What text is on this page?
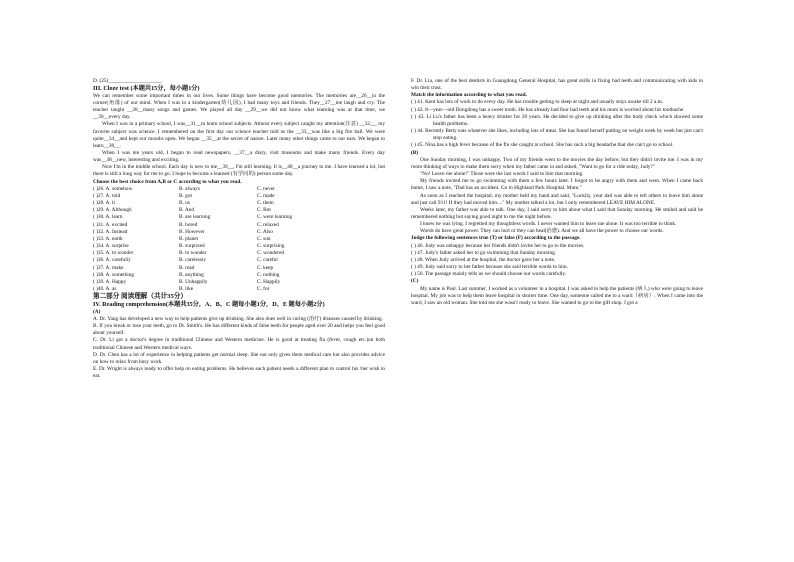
D. (25)____________________.

III. Cloze test (本题共15分，每小题1分)

We can remember some important times in our lives. Some things have become good memories. The memories are__26__in the corner(角落) of our mind. When I was in a kindergarten(幼儿园), I had many toys and friends. They__27__me laugh and cry. The teacher taught __28__many songs and games. We played all day __29__we did not know what learning was at that time, we __30__every day.

When I was in a primary school, I was__31__to learn school subjects. Almost every subject caught my attention(注意) __32__, my favorite subject was science. I remembered on the first day our science teacher told us the __33__was like a big fire ball. We were quite__34__and kept our mouths open. We began __35__at the secret of nature. Later many other things came to our ears. We began to learn__36__.

When I was ten years old, I began to read newspapers, __37__a diary, visit museums and make many friends. Every day was__38__new, interesting and exciting.

Now I'm in the middle school. Each day is new to me__39__, I'm still learning. It is__40__a journey to me. I have learned a lot, but there is still a long way for me to go. I hope to become a learned (有学问的) person some day.

Choose the best choice from A,B or C according to what you read.

( )26. A. somehow	B. always	C. never
( )27. A. told	B. got	C. made
( )28. A. it	B. us	C. them
( )29. A. Although	B. And	C. But
( )30. A. learn	B. are learning	C. were learning
( )31. A. excited	B. bored	C. relaxed
( )32. A. Instead	B. However	C. Also
( )33. A. earth	B. planet	C. sun
( )34. A. surprise	B. surprised	C. surprising
( )35. A. to wonder	B. to wonder	C. wondered
( )36. A. carefully	B. carelessly	C. careful
( )37. A. make	B. read	C. keep
( )38. A. something	B. anything	C. nothing
( )39. A. Happy	B. Unhappily	C. Happily
( )40. A. as	B. like	C. for

第二部分 阅读理解（共计35分）

IV. Reading comprehension(本题共35分，A、B、C 题每小题1分，D、E 题每小题2分)

(A)

A. Dr. Yang has developed a new way to help patients give up drinking. She also does well in curing (治疗) diseases caused by drinking.

B. If you break or lose your teeth, go to Dr. Smith's. He has different kinds of false teeth for people aged over 20 and helps you feel good about yourself.

C. Dr. Li got a doctor's degree in traditional Chinese and Western medicine. He is good at treating flu (fever, cough etc.)on both traditional Chinese and Western medical ways.

D. Dr. Chen has a lot of experience in helping patients get normal sleep. She not only gives them medical care but also provides advice on how to relax from busy work.

E. Dr. Wright is always ready to offer help on eating problems. He believes each patient needs a different plan to control his /her wish to eat.

F. Dr. Liu, one of the best dentists in Guangdong General Hospital, has great skills in fixing bad teeth and communicating with kids to win their trust.

Match the information according to what you read.

( ) 41. Kent has lots of work to do every day. He has trouble getting to sleep at night and usually stays awake till 2 a.m.

( ) 42. 8—year—old Dongdong has a sweet tooth. He has already had four bad teeth and his mum is worried about his toothache.

( ) 43. Li Lu's father has been a heavy drinker for 20 years. He decided to give up drinking after the body check which showed some health problems.

( ) 44. Recently Betty eats whatever she likes, including lots of meat. She has found herself putting on weight week by week but just can't stop eating.

( ) 45. Nina has a high fever because of the flu she caught at school. She has such a big headache that she can't go to school.

(B)

One Sunday morning, I was unhappy. Two of my friends went to the movies the day before, but they didn't invite me. I was in my room thinking of ways to make them sorry when my father came in and asked, "Want to go for a ride today, Judy?"

"No! Leave me alone!" Those were the last words I said to him that morning.

My friends invited me to go swimming with them a few hours later. I forgot to be angry with them and went. When I came back home, I saw a note, "Dad has an accident. Go to Highland Park Hospital. Mum."

As soon as I reached the hospital, my mother held my hand and said, "Luckily, your dad was able to tell others to leave him alone and just call 911! If they had moved him...." My mother talked a lot, but I only remembered LEAVE HIM ALONE.

Weeks later, my father was able to talk. One day, I said sorry to him about what I said that Sunday morning. He smiled and said he remembered nothing but saying good night to me the night before.

I knew he was lying. I regretted my thoughtless words. I never wanted him to leave me alone. It was too terrible to think.

Words do have great power. They can hurt or they can heal(治愈). And we all have the power to choose our words.

Judge the following sentences true (T) or false (F) according to the passage.

( ) 46. Judy was unhappy because her friends didn't invite her to go to the movies.

( ) 47. Judy's father asked her to go swimming that Sunday morning.

( ) 48. When Judy arrived at the hospital, the doctor gave her a note.

( ) 49. Judy said sorry to her father because she said terrible words to him.

( ) 50. The passage mainly tells us we should choose our words carefully.

(C)

My name is Paul. Last summer, I worked as a volunteer in a hospital. I was asked to help the patients (病人) who were going to leave hospital. My job was to help them leave hospital in shorter time. One day, someone called me to a ward（病房）. When I came into the ward, I saw an old woman. She told me she wasn't ready to leave. She wanted to go to the gift shop. I got a
